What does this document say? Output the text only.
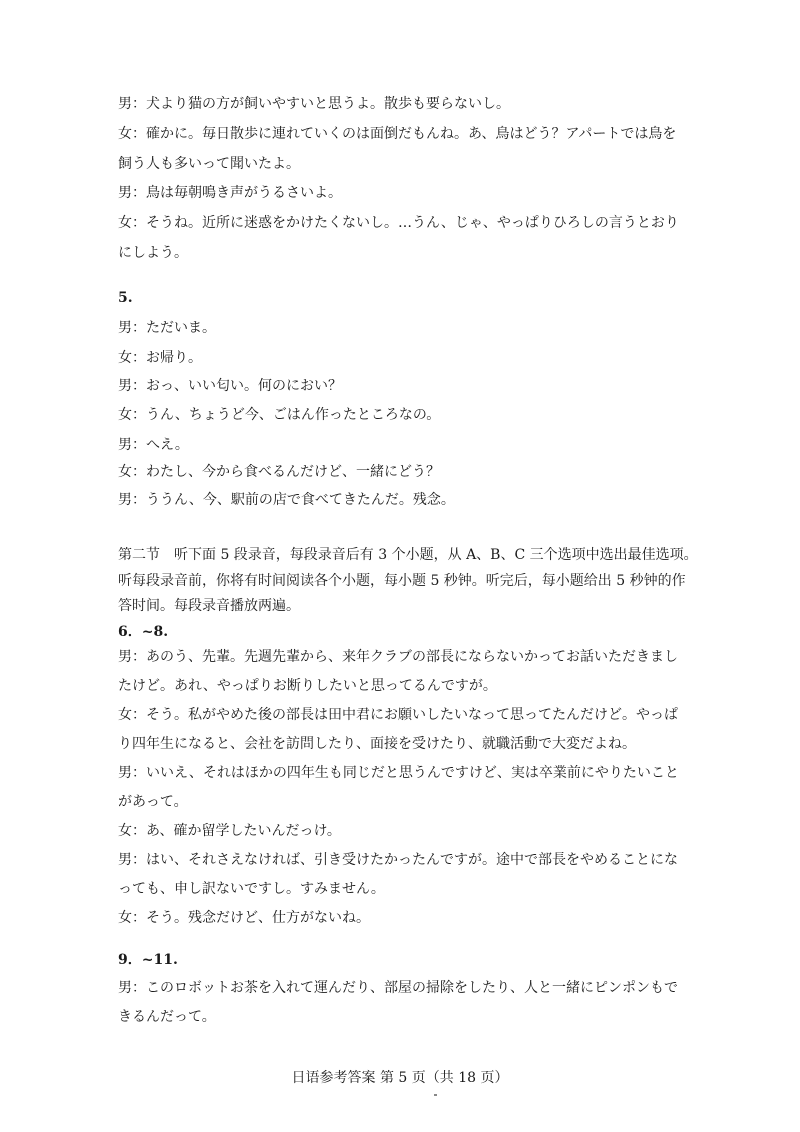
男：犬より猫の方が飼いやすいと思うよ。散歩も要らないし。
女：確かに。毎日散歩に連れていくのは面倒だもんね。あ、鳥はどう？アパートでは鳥を
飼う人も多いって聞いたよ。
男：鳥は毎朝鳴き声がうるさいよ。
女：そうね。近所に迷惑をかけたくないし。…うん、じゃ、やっぱりひろしの言うとおり
にしよう。
5.
男：ただいま。
女：お帰り。
男：おっ、いい匂い。何のにおい？
女：うん、ちょうど今、ごはん作ったところなの。
男：へえ。
女：わたし、今から食べるんだけど、一緒にどう？
男：ううん、今、駅前の店で食べてきたんだ。残念。
第二节　听下面 5 段录音，每段录音后有 3 个小题，从 A、B、C 三个选项中选出最佳选项。
听每段录音前，你将有时间阅读各个小题，每小题 5 秒钟。听完后，每小题给出 5 秒钟的作
答时间。每段录音播放两遍。
6．~8.
男：あのう、先輩。先週先輩から、来年クラブの部長にならないかってお話いただきまし
たけど。あれ、やっぱりお断りしたいと思ってるんですが。
女：そう。私がやめた後の部長は田中君にお願いしたいなって思ってたんだけど。やっぱ
り四年生になると、会社を訪問したり、面接を受けたり、就職活動で大変だよね。
男：いいえ、それはほかの四年生も同じだと思うんですけど、実は卒業前にやりたいこと
があって。
女：あ、確か留学したいんだっけ。
男：はい、それさえなければ、引き受けたかったんですが。途中で部長をやめることにな
っても、申し訳ないですし。すみません。
女：そう。残念だけど、仕方がないね。
9．~11.
男：このロボットお茶を入れて運んだり、部屋の掃除をしたり、人と一緒にピンポンもで
きるんだって。
日语参考答案 第 5 页（共 18 页）
